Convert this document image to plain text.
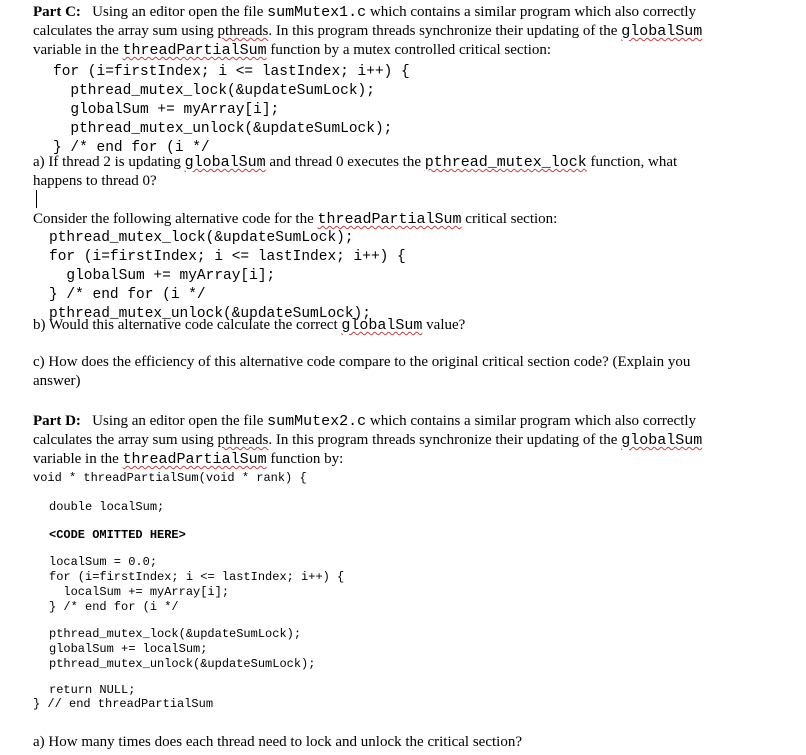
Part C: Using an editor open the file sumMutex1.c which contains a similar program which also correctly
calculates the array sum using pthreads. In this program threads synchronize their updating of the globalSum
variable in the threadPartialSum function by a mutex controlled critical section:
for (i=firstIndex; i <= lastIndex; i++) {
pthread_mutex_lock(&updateSumLock);
globalSum += myArray[i];
pthread_mutex_unlock(&updateSumLock);
} /* end for (i */
a) If thread 2 is updating globalSum and thread 0 executes the pthread_mutex_lock function, what
happens to thread 0?
Consider the following alternative code for the threadPartialSum critical section:
pthread_mutex_lock(&updateSumLock);
for (i=firstIndex; i <= lastIndex; i++) {
globalSum += myArray[i];
} /* end for (i */
pthread_mutex_unlock(&updateSumLock);
b) Would this alternative code calculate the correct globalSum value?
c) How does the efficiency of this alternative code compare to the original critical section code? (Explain you
answer)
Part D: Using an editor open the file sumMutex2.c which contains a similar program which also correctly
calculates the array sum using pthreads. In this program threads synchronize their updating of the globalSum
variable in the threadPartialSum function by:
void * threadPartialSum(void * rank) {
double localSum;
<CODE OMITTED HERE>
localSum = 0.0;
for (i=firstIndex; i <= lastIndex; i++) {
localSum += myArray[i];
} /* end for (i */
pthread_mutex_lock(&updateSumLock);
globalSum += localSum;
pthread_mutex_unlock(&updateSumLock);
return NULL;
} // end threadPartialSum
a) How many times does each thread need to lock and unlock the critical section?
